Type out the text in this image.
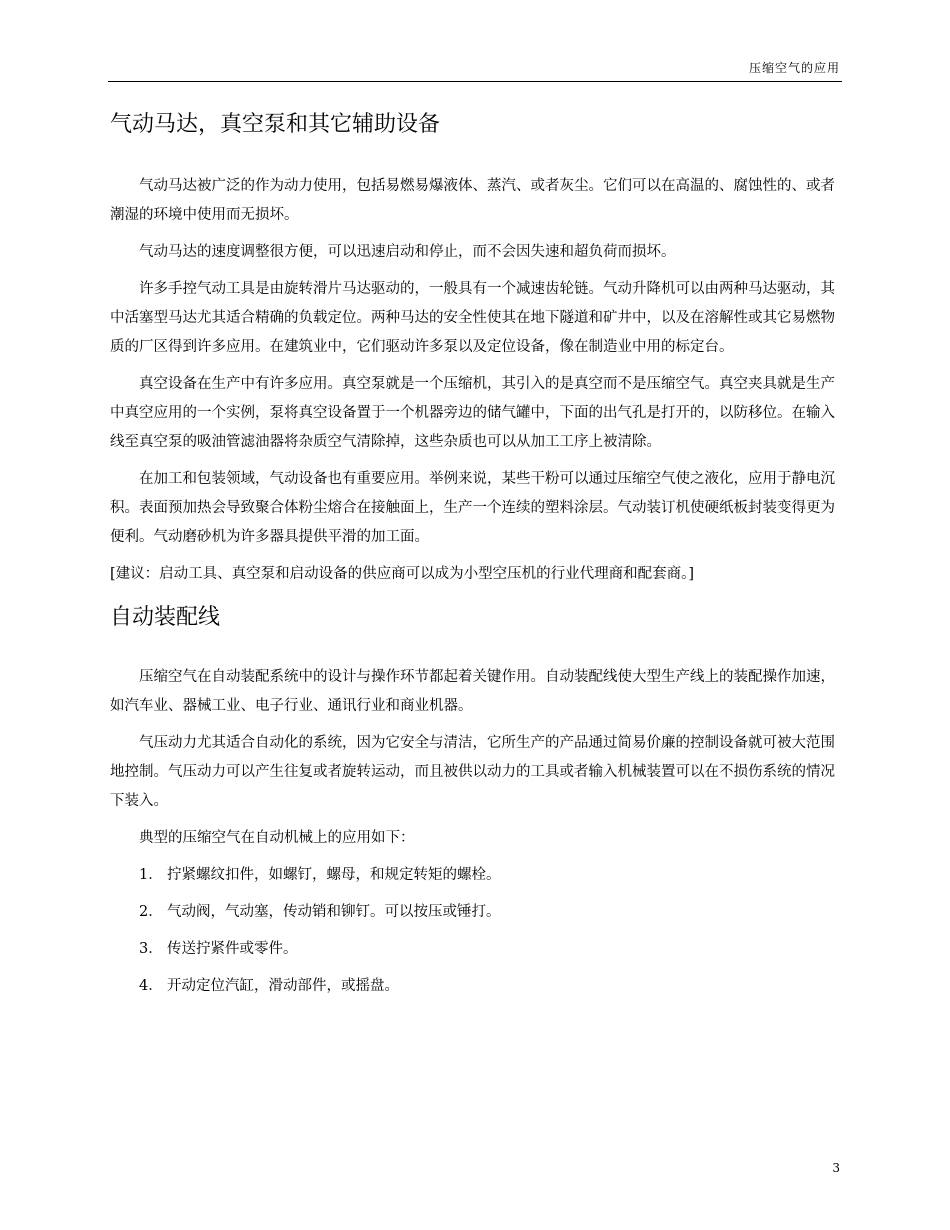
压缩空气的应用
气动马达，真空泵和其它辅助设备

气动马达被广泛的作为动力使用，包括易燃易爆液体、蒸汽、或者灰尘。它们可以在高温的、腐蚀性的、或者潮湿的环境中使用而无损坏。

气动马达的速度调整很方便，可以迅速启动和停止，而不会因失速和超负荷而损坏。

许多手控气动工具是由旋转滑片马达驱动的，一般具有一个减速齿轮链。气动升降机可以由两种马达驱动，其中活塞型马达尤其适合精确的负载定位。两种马达的安全性使其在地下隧道和矿井中，以及在溶解性或其它易燃物质的厂区得到许多应用。在建筑业中，它们驱动许多泵以及定位设备，像在制造业中用的标定台。

真空设备在生产中有许多应用。真空泵就是一个压缩机，其引入的是真空而不是压缩空气。真空夹具就是生产中真空应用的一个实例，泵将真空设备置于一个机器旁边的储气罐中，下面的出气孔是打开的，以防移位。在输入线至真空泵的吸油管滤油器将杂质空气清除掉，这些杂质也可以从加工工序上被清除。

在加工和包装领域，气动设备也有重要应用。举例来说，某些干粉可以通过压缩空气使之液化，应用于静电沉积。表面预加热会导致聚合体粉尘熔合在接触面上，生产一个连续的塑料涂层。气动装订机使硬纸板封装变得更为便利。气动磨砂机为许多器具提供平滑的加工面。

[建议：启动工具、真空泵和启动设备的供应商可以成为小型空压机的行业代理商和配套商。]

自动装配线

压缩空气在自动装配系统中的设计与操作环节都起着关键作用。自动装配线使大型生产线上的装配操作加速，如汽车业、器械工业、电子行业、通讯行业和商业机器。

气压动力尤其适合自动化的系统，因为它安全与清洁，它所生产的产品通过简易价廉的控制设备就可被大范围地控制。气压动力可以产生往复或者旋转运动，而且被供以动力的工具或者输入机械装置可以在不损伤系统的情况下装入。

典型的压缩空气在自动机械上的应用如下：

1． 拧紧螺纹扣件，如螺钉，螺母，和规定转矩的螺栓。
2． 气动阀，气动塞，传动销和铆钉。可以按压或锤打。
3． 传送拧紧件或零件。
4． 开动定位汽缸，滑动部件，或摇盘。
3
